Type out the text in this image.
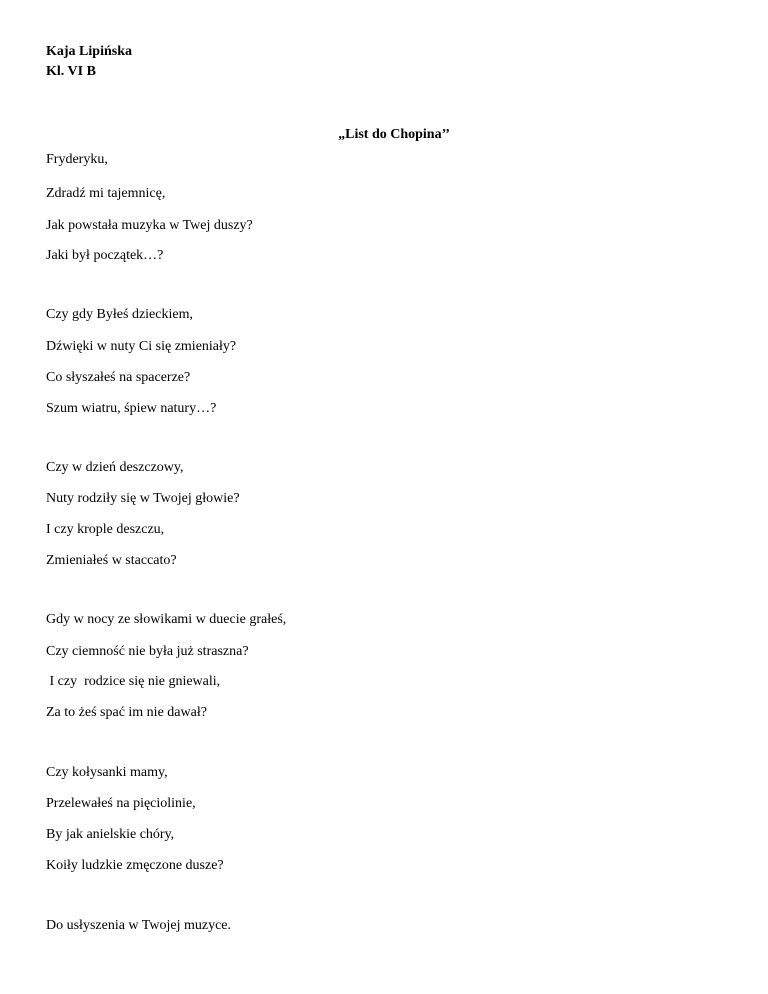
Kaja Lipińska
Kl. VI B
„List do Chopina’’
Fryderyku,
Zdradź mi tajemnicę,
Jak powstała muzyka w Twej duszy?
Jaki był początek…?
Czy gdy Byłeś dzieckiem,
Dźwięki w nuty Ci się zmieniały?
Co słyszałeś na spacerze?
Szum wiatru, śpiew natury…?
Czy w dzień deszczowy,
Nuty rodziły się w Twojej głowie?
I czy krople deszczu,
Zmieniałeś w staccato?
Gdy w nocy ze słowikami w duecie grałeś,
Czy ciemność nie była już straszna?
I czy  rodzice się nie gniewali,
Za to żeś spać im nie dawał?
Czy kołysanki mamy,
Przelewałeś na pięciolinie,
By jak anielskie chóry,
Koiły ludzkie zmęczone dusze?
Do usłyszenia w Twojej muzyce.
